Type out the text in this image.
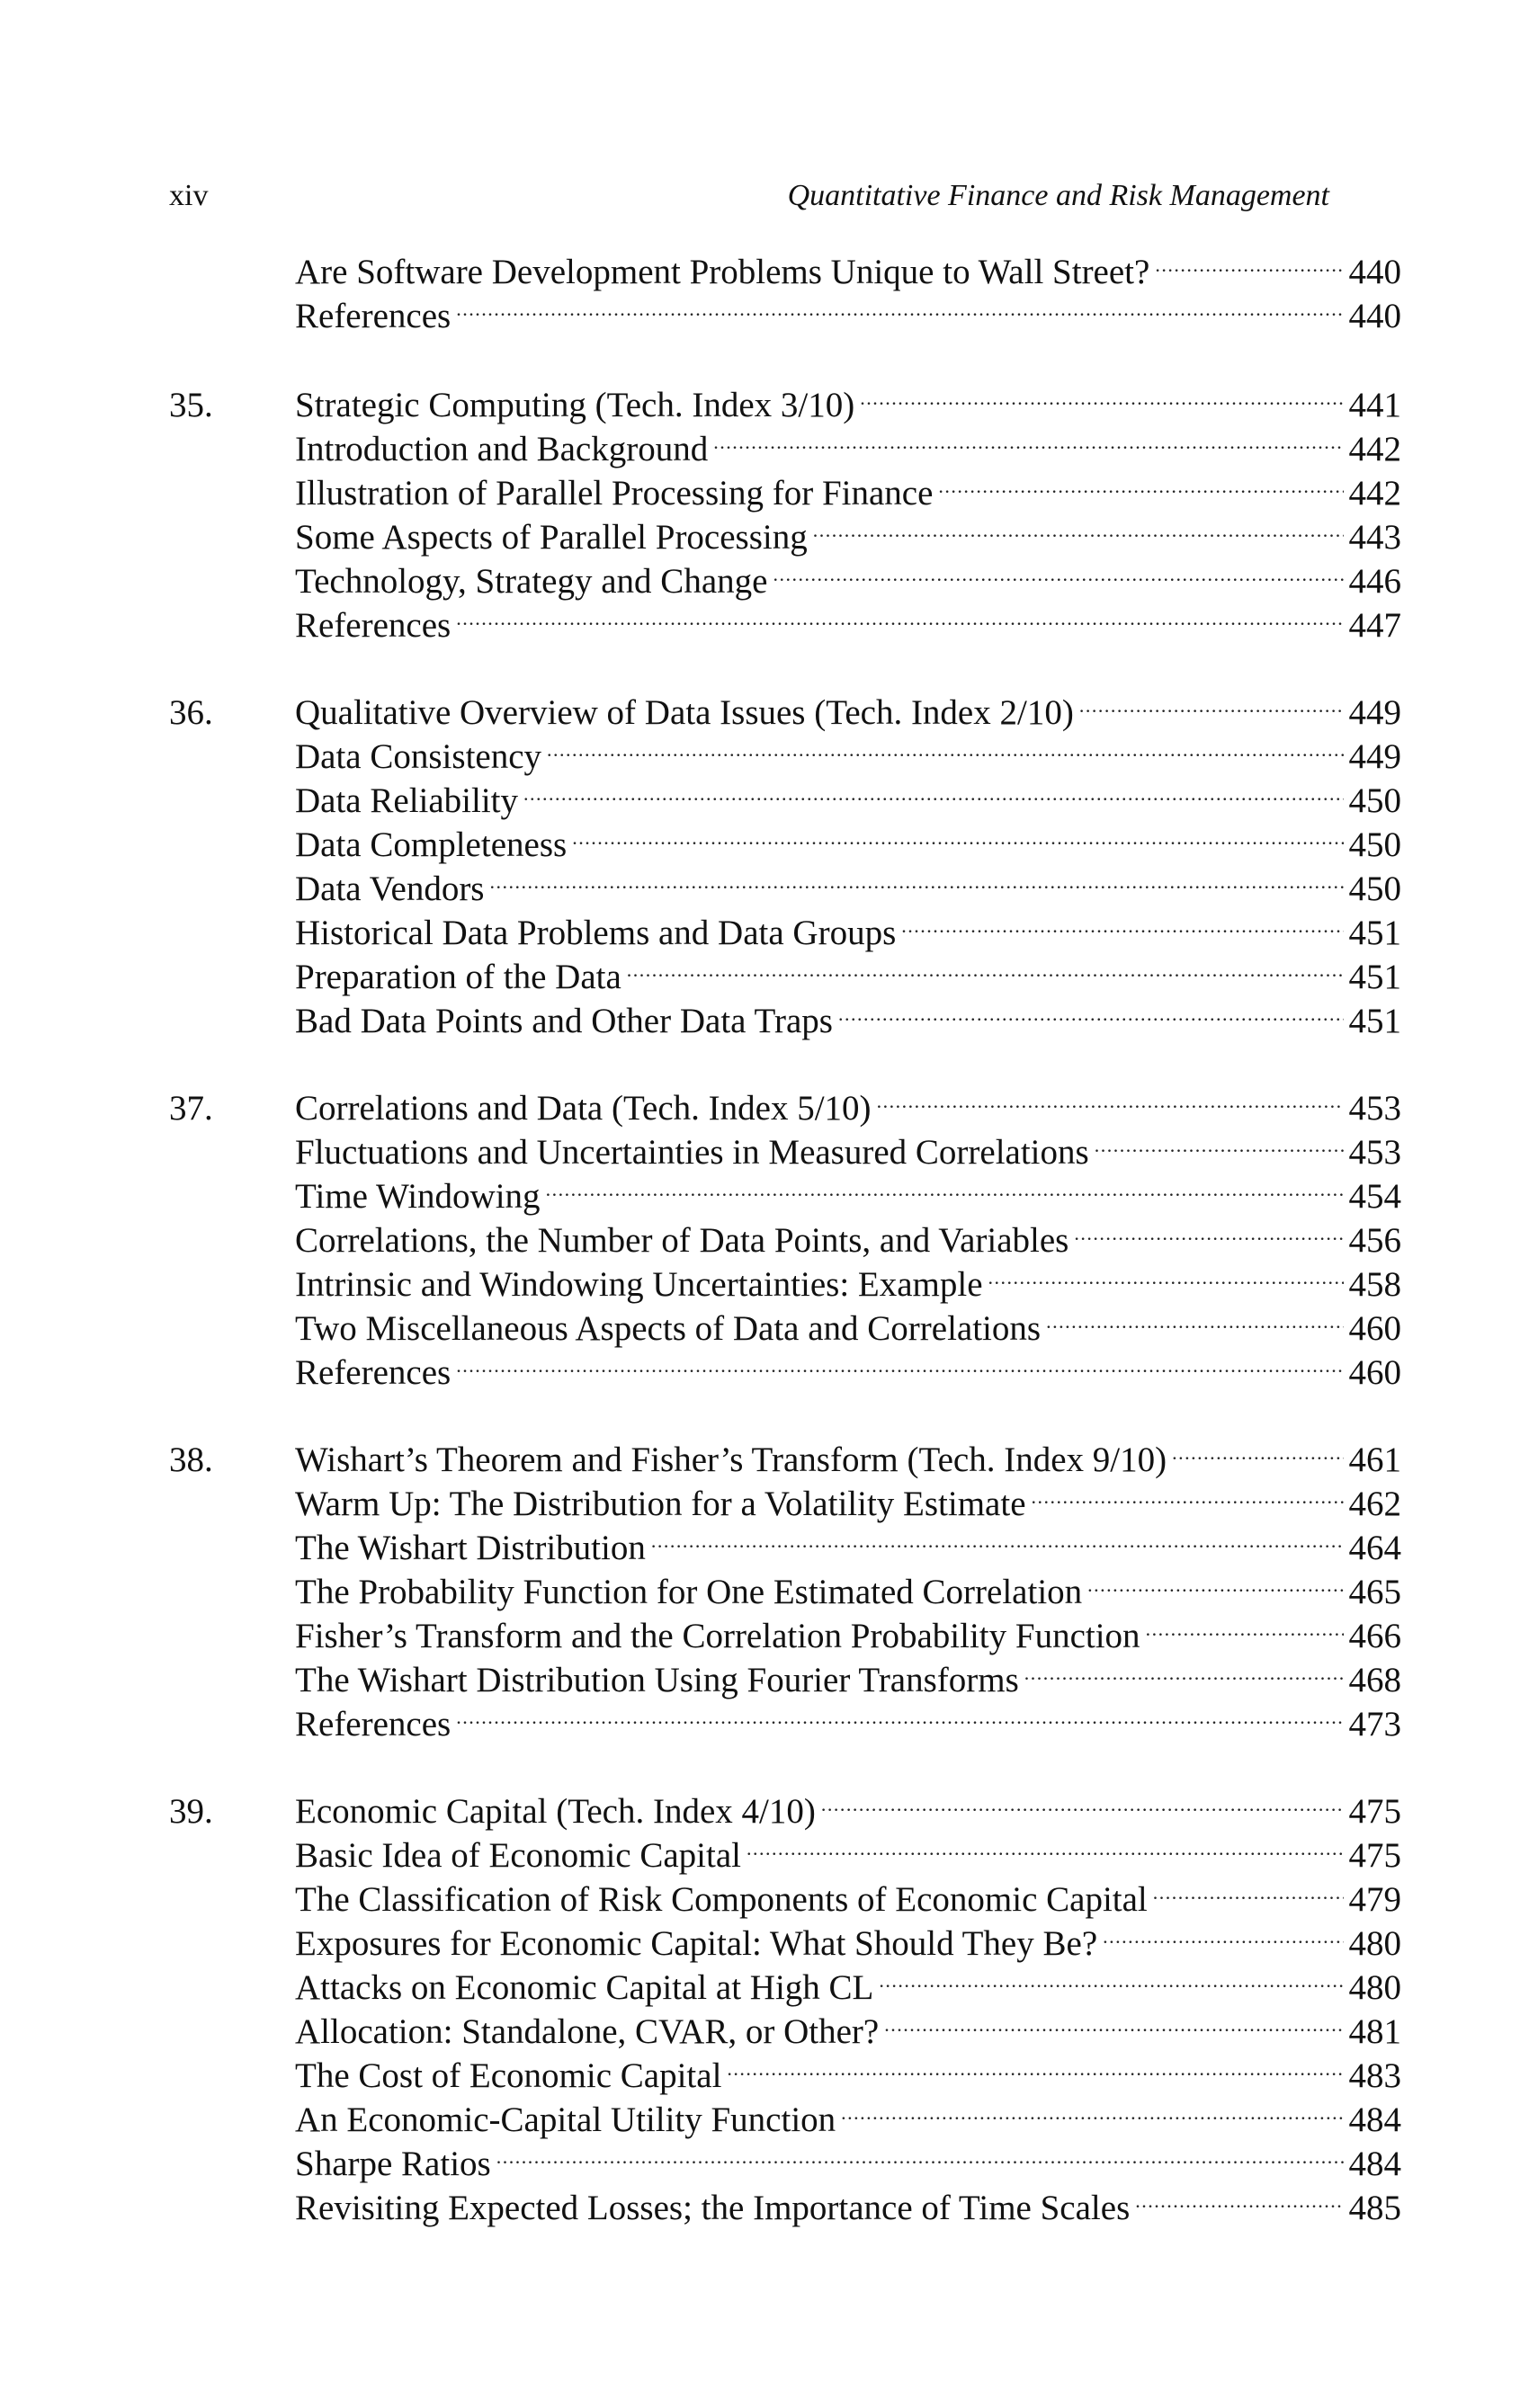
xiv	Quantitative Finance and Risk Management
Are Software Development Problems Unique to Wall Street? . . .	440
References . . .	440
35. Strategic Computing (Tech. Index 3/10) . . .	441
Introduction and Background . . .	442
Illustration of Parallel Processing for Finance . . .	442
Some Aspects of Parallel Processing . . .	443
Technology, Strategy and Change . . .	446
References . . .	447
36. Qualitative Overview of Data Issues (Tech. Index 2/10) . . .	449
Data Consistency . . .	449
Data Reliability . . .	450
Data Completeness . . .	450
Data Vendors . . .	450
Historical Data Problems and Data Groups . . .	451
Preparation of the Data . . .	451
Bad Data Points and Other Data Traps . . .	451
37. Correlations and Data (Tech. Index 5/10) . . .	453
Fluctuations and Uncertainties in Measured Correlations . . .	453
Time Windowing . . .	454
Correlations, the Number of Data Points, and Variables . . .	456
Intrinsic and Windowing Uncertainties: Example . . .	458
Two Miscellaneous Aspects of Data and Correlations . . .	460
References . . .	460
38. Wishart’s Theorem and Fisher’s Transform (Tech. Index 9/10) . . .	461
Warm Up: The Distribution for a Volatility Estimate . . .	462
The Wishart Distribution . . .	464
The Probability Function for One Estimated Correlation . . .	465
Fisher’s Transform and the Correlation Probability Function . . .	466
The Wishart Distribution Using Fourier Transforms . . .	468
References . . .	473
39. Economic Capital (Tech. Index 4/10) . . .	475
Basic Idea of Economic Capital . . .	475
The Classification of Risk Components of Economic Capital . . .	479
Exposures for Economic Capital: What Should They Be? . . .	480
Attacks on Economic Capital at High CL . . .	480
Allocation: Standalone, CVAR, or Other? . . .	481
The Cost of Economic Capital . . .	483
An Economic-Capital Utility Function . . .	484
Sharpe Ratios . . .	484
Revisiting Expected Losses; the Importance of Time Scales . . .	485
